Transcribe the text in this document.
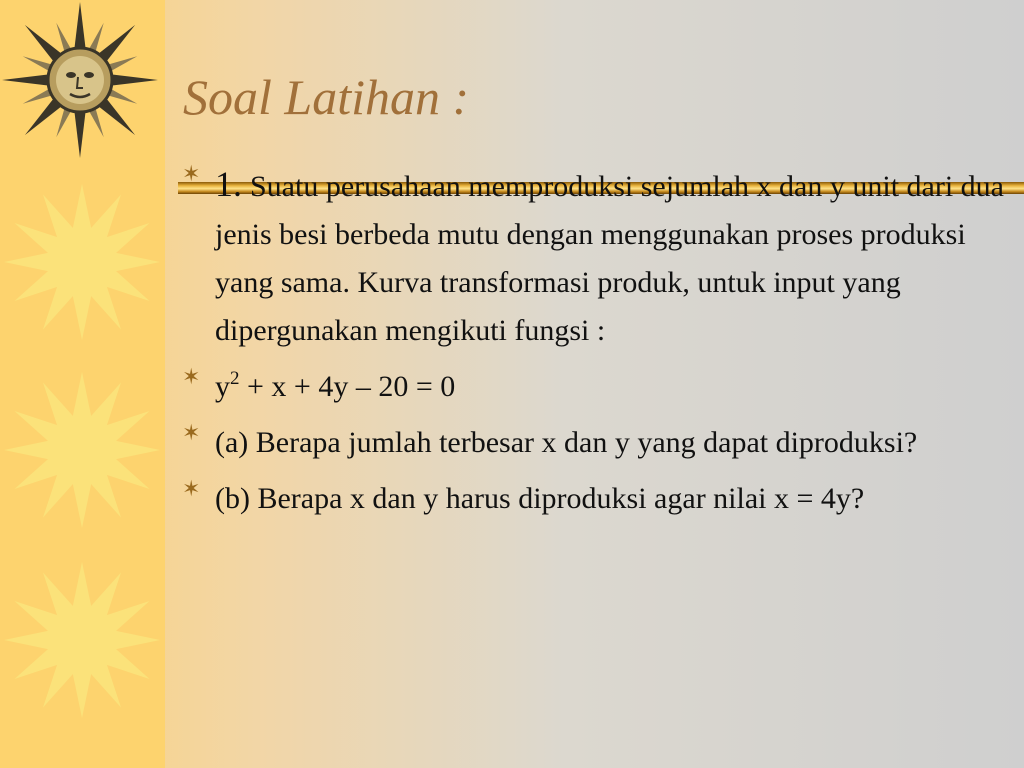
Soal Latihan :
✶ 1. Suatu perusahaan memproduksi sejumlah x dan y unit dari dua jenis besi berbeda mutu dengan menggunakan proses produksi yang sama. Kurva transformasi produk, untuk input yang dipergunakan mengikuti fungsi :
✶ $y^2 + x + 4y - 20 = 0$
✶ (a) Berapa jumlah terbesar x dan y yang dapat diproduksi?
✶ (b) Berapa x dan y harus diproduksi agar nilai x = 4y?
